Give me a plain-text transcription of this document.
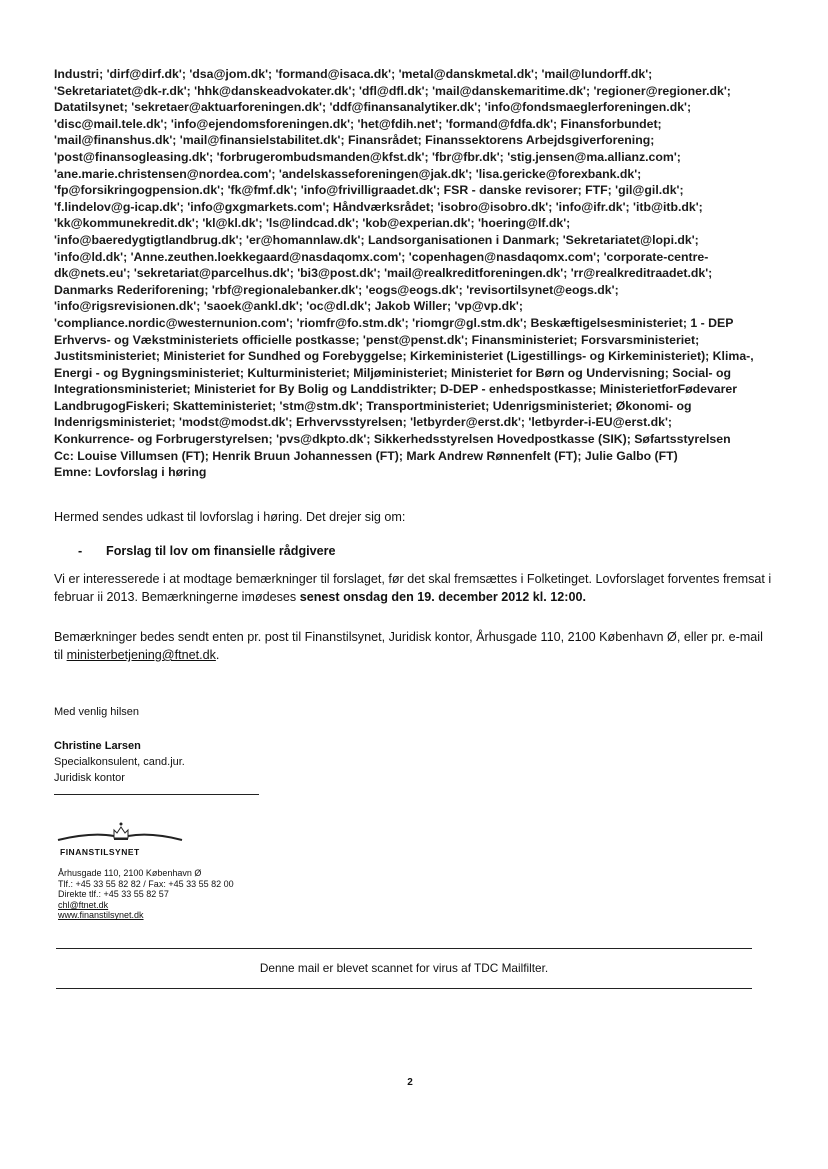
Industri; 'dirf@dirf.dk'; 'dsa@jom.dk'; 'formand@isaca.dk'; 'metal@danskmetal.dk'; 'mail@lundorff.dk';
'Sekretariatet@dk-r.dk'; 'hhk@danskeadvokater.dk'; 'dfl@dfl.dk'; 'mail@danskemaritime.dk'; 'regioner@regioner.dk';
Datatilsynet; 'sekretaer@aktuarforeningen.dk'; 'ddf@finansanalytiker.dk'; 'info@fondsmaeglerforeningen.dk';
'disc@mail.tele.dk'; 'info@ejendomsforeningen.dk'; 'het@fdih.net'; 'formand@fdfa.dk'; Finansforbundet;
'mail@finanshus.dk'; 'mail@finansielstabilitet.dk'; Finansrådet; Finanssektorens Arbejdsgiverforening;
'post@finansogleasing.dk'; 'forbrugerombudsmanden@kfst.dk'; 'fbr@fbr.dk'; 'stig.jensen@ma.allianz.com';
'ane.marie.christensen@nordea.com'; 'andelskasseforeningen@jak.dk'; 'lisa.gericke@forexbank.dk';
'fp@forsikringogpension.dk'; 'fk@fmf.dk'; 'info@frivilligraadet.dk'; FSR - danske revisorer; FTF; 'gil@gil.dk';
'f.lindelov@g-icap.dk'; 'info@gxgmarkets.com'; Håndværksrådet; 'isobro@isobro.dk'; 'info@ifr.dk'; 'itb@itb.dk';
'kk@kommunekredit.dk'; 'kl@kl.dk'; 'ls@lindcad.dk'; 'kob@experian.dk'; 'hoering@lf.dk';
'info@baeredygtigtlandbrug.dk'; 'er@homannlaw.dk'; Landsorganisationen i Danmark; 'Sekretariatet@lopi.dk';
'info@ld.dk'; 'Anne.zeuthen.loekkegaard@nasdaqomx.com'; 'copenhagen@nasdaqomx.com'; 'corporate-centre-
dk@nets.eu'; 'sekretariat@parcelhus.dk'; 'bi3@post.dk'; 'mail@realkreditforeningen.dk'; 'rr@realkreditraadet.dk';
Danmarks Rederiforening; 'rbf@regionalebanker.dk'; 'eogs@eogs.dk'; 'revisortilsynet@eogs.dk';
'info@rigsrevisionen.dk'; 'saoek@ankl.dk'; 'oc@dl.dk'; Jakob Willer; 'vp@vp.dk';
'compliance.nordic@westernunion.com'; 'riomfr@fo.stm.dk'; 'riomgr@gl.stm.dk'; Beskæftigelsesministeriet; 1 - DEP
Erhvervs- og Vækstministeriets officielle postkasse; 'penst@penst.dk'; Finansministeriet; Forsvarsministeriet;
Justitsministeriet; Ministeriet for Sundhed og Forebyggelse; Kirkeministeriet (Ligestillings- og Kirkeministeriet); Klima-,
Energi - og Bygningsministeriet; Kulturministeriet; Miljøministeriet; Ministeriet for Børn og Undervisning; Social- og
Integrationsministeriet; Ministeriet for By Bolig og Landdistrikter; D-DEP - enhedspostkasse; MinisterietforFødevarer
LandbrugogFiskeri; Skatteministeriet; 'stm@stm.dk'; Transportministeriet; Udenrigsministeriet; Økonomi- og
Indenrigsministeriet; 'modst@modst.dk'; Erhvervsstyrelsen; 'letbyrder@erst.dk'; 'letbyrder-i-EU@erst.dk';
Konkurrence- og Forbrugerstyrelsen; 'pvs@dkpto.dk'; Sikkerhedsstyrelsen Hovedpostkasse (SIK); Søfartsstyrelsen
Cc: Louise Villumsen (FT); Henrik Bruun Johannessen (FT); Mark Andrew Rønnenfelt (FT); Julie Galbo (FT)
Emne: Lovforslag i høring
Hermed sendes udkast til lovforslag i høring. Det drejer sig om:
- Forslag til lov om finansielle rådgivere
Vi er interesserede i at modtage bemærkninger til forslaget, før det skal fremsættes i Folketinget. Lovforslaget forventes fremsat i februar ii 2013. Bemærkningerne imødeses senest onsdag den 19. december 2012 kl. 12:00.
Bemærkninger bedes sendt enten pr. post til Finanstilsynet, Juridisk kontor, Århusgade 110, 2100 København Ø, eller pr. e-mail til ministerbetjening@ftnet.dk.
Med venlig hilsen
Christine Larsen
Specialkonsulent, cand.jur.
Juridisk kontor
FINANSTILSYNET
Århusgade 110, 2100 København Ø
Tlf.: +45 33 55 82 82 / Fax: +45 33 55 82 00
Direkte tlf.: +45 33 55 82 57
chl@ftnet.dk
www.finanstilsynet.dk
Denne mail er blevet scannet for virus af TDC Mailfilter.
2
